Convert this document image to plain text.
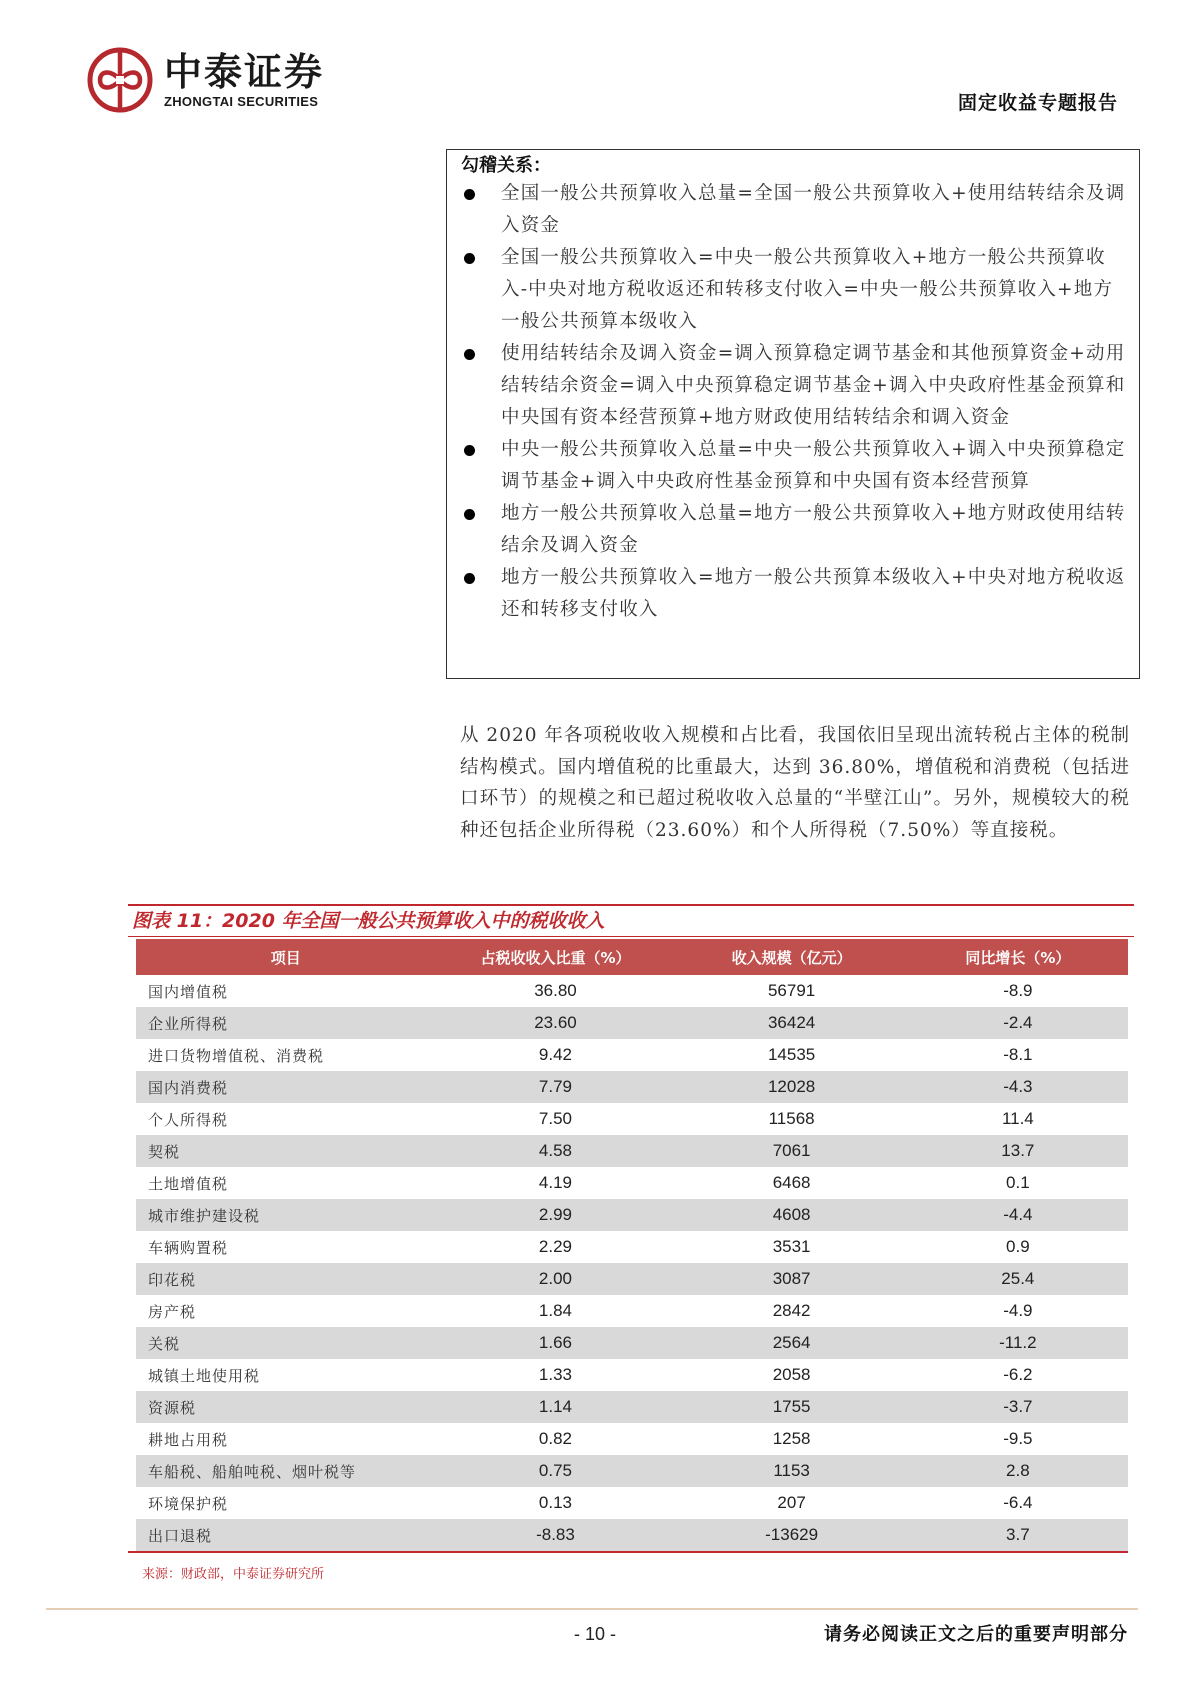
中泰证券
ZHONGTAI SECURITIES	固定收益专题报告
勾稽关系：
全国一般公共预算收入总量=全国一般公共预算收入+使用结转结余及调入资金
全国一般公共预算收入=中央一般公共预算收入+地方一般公共预算收入-中央对地方税收返还和转移支付收入=中央一般公共预算收入+地方一般公共预算本级收入
使用结转结余及调入资金=调入预算稳定调节基金和其他预算资金+动用结转结余资金=调入中央预算稳定调节基金+调入中央政府性基金预算和中央国有资本经营预算+地方财政使用结转结余和调入资金
中央一般公共预算收入总量=中央一般公共预算收入+调入中央预算稳定调节基金+调入中央政府性基金预算和中央国有资本经营预算
地方一般公共预算收入总量=地方一般公共预算收入+地方财政使用结转结余及调入资金
地方一般公共预算收入=地方一般公共预算本级收入+中央对地方税收返还和转移支付收入
从 2020 年各项税收收入规模和占比看，我国依旧呈现出流转税占主体的税制结构模式。国内增值税的比重最大，达到 36.80%，增值税和消费税（包括进口环节）的规模之和已超过税收收入总量的“半壁江山”。另外，规模较大的税种还包括企业所得税（23.60%）和个人所得税（7.50%）等直接税。
图表 11：2020 年全国一般公共预算收入中的税收收入
项目	占税收收入比重（%）	收入规模（亿元）	同比增长（%）
国内增值税	36.80	56791	-8.9
企业所得税	23.60	36424	-2.4
进口货物增值税、消费税	9.42	14535	-8.1
国内消费税	7.79	12028	-4.3
个人所得税	7.50	11568	11.4
契税	4.58	7061	13.7
土地增值税	4.19	6468	0.1
城市维护建设税	2.99	4608	-4.4
车辆购置税	2.29	3531	0.9
印花税	2.00	3087	25.4
房产税	1.84	2842	-4.9
关税	1.66	2564	-11.2
城镇土地使用税	1.33	2058	-6.2
资源税	1.14	1755	-3.7
耕地占用税	0.82	1258	-9.5
车船税、船舶吨税、烟叶税等	0.75	1153	2.8
环境保护税	0.13	207	-6.4
出口退税	-8.83	-13629	3.7
来源：财政部，中泰证券研究所
- 10 -	请务必阅读正文之后的重要声明部分
